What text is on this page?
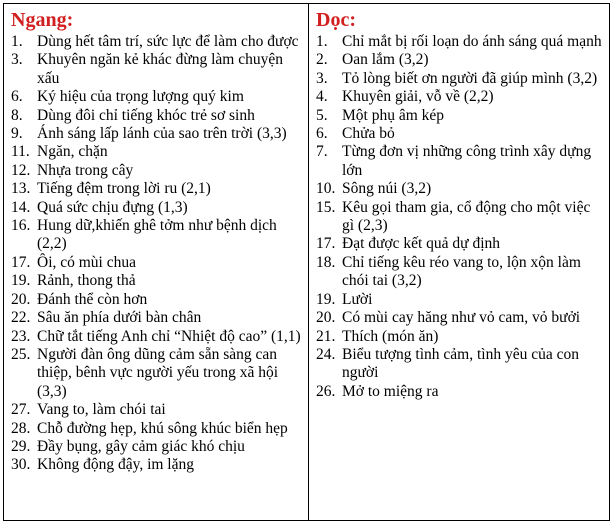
Ngang:
1. Dùng hết tâm trí, sức lực để làm cho được
3. Khuyên ngăn kẻ khác đừng làm chuyện xấu
6. Ký hiệu của trọng lượng quý kim
8. Dùng đôi chỉ tiếng khóc trẻ sơ sinh
9. Ánh sáng lấp lánh của sao trên trời (3,3)
11. Ngăn, chặn
12. Nhựa trong cây
13. Tiếng đệm trong lời ru (2,1)
14. Quá sức chịu đựng (1,3)
16. Hung dữ,khiến ghê tởm như bệnh dịch (2,2)
17. Ôi, có mùi chua
19. Rảnh, thong thả
20. Đánh thể còn hơn
22. Sâu ăn phía dưới bàn chân
23. Chữ tắt tiếng Anh chỉ “Nhiệt độ cao” (1,1)
25. Người đàn ông dũng cảm sẵn sàng can thiệp, bênh vực người yếu trong xã hội (3,3)
27. Vang to, làm chói tai
28. Chỗ đường hẹp, khú sông khúc biển hẹp
29. Đầy bụng, gây cảm giác khó chịu
30. Không động đậy, im lặng
Dọc:
1. Chỉ mắt bị rối loạn do ánh sáng quá mạnh
2. Oan lắm (3,2)
3. Tỏ lòng biết ơn người đã giúp mình (3,2)
4. Khuyên giải, vỗ về (2,2)
5. Một phụ âm kép
6. Chửa bỏ
7. Từng đơn vị những công trình xây dựng lớn
10. Sông núi (3,2)
15. Kêu gọi tham gia, cổ động cho một việc gì (2,3)
17. Đạt được kết quả dự định
18. Chỉ tiếng kêu réo vang to, lộn xộn làm chói tai (3,2)
19. Lười
20. Có mùi cay hăng như vỏ cam, vỏ bưởi
21. Thích (món ăn)
24. Biểu tượng tình cảm, tình yêu của con người
26. Mở to miệng ra
